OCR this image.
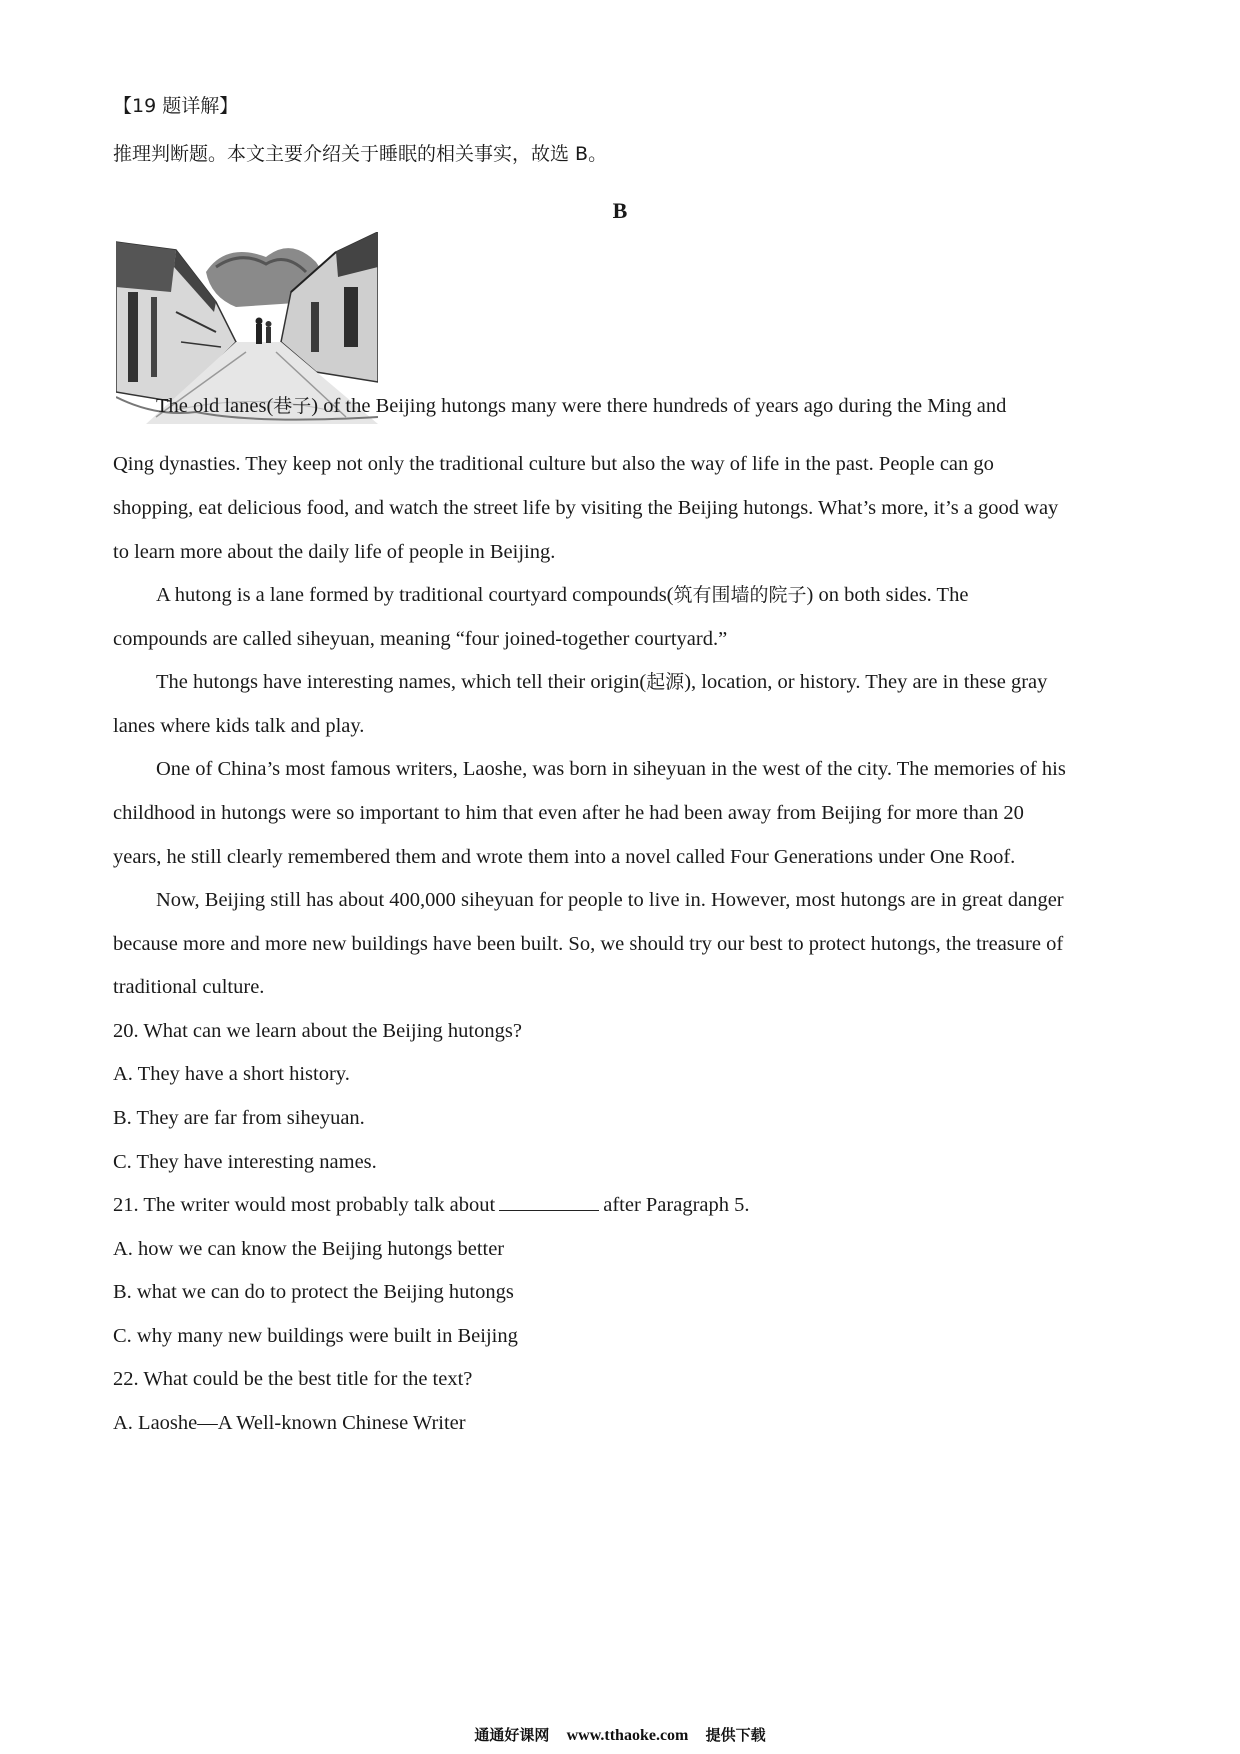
【19 题详解】
推理判断题。本文主要介绍关于睡眠的相关事实，故选 B。
B
The old lanes(巷子) of the Beijing hutongs many were there hundreds of years ago during the Ming and
Qing dynasties. They keep not only the traditional culture but also the way of life in the past. People can go
shopping, eat delicious food, and watch the street life by visiting the Beijing hutongs. What’s more, it’s a good way
to learn more about the daily life of people in Beijing.
A hutong is a lane formed by traditional courtyard compounds(筑有围墙的院子) on both sides. The
compounds are called siheyuan, meaning “four joined-together courtyard.”
The hutongs have interesting names, which tell their origin(起源), location, or history. They are in these gray
lanes where kids talk and play.
One of China’s most famous writers, Laoshe, was born in siheyuan in the west of the city. The memories of his
childhood in hutongs were so important to him that even after he had been away from Beijing for more than 20
years, he still clearly remembered them and wrote them into a novel called Four Generations under One Roof.
Now, Beijing still has about 400,000 siheyuan for people to live in. However, most hutongs are in great danger
because more and more new buildings have been built. So, we should try our best to protect hutongs, the treasure of
traditional culture.
20. What can we learn about the Beijing hutongs?
A. They have a short history.
B. They are far from siheyuan.
C. They have interesting names.
21. The writer would most probably talk about	after Paragraph 5.
A. how we can know the Beijing hutongs better
B. what we can do to protect the Beijing hutongs
C. why many new buildings were built in Beijing
22. What could be the best title for the text?
A. Laoshe—A Well-known Chinese Writer
通通好课网 www.tthaoke.com 提供下载
